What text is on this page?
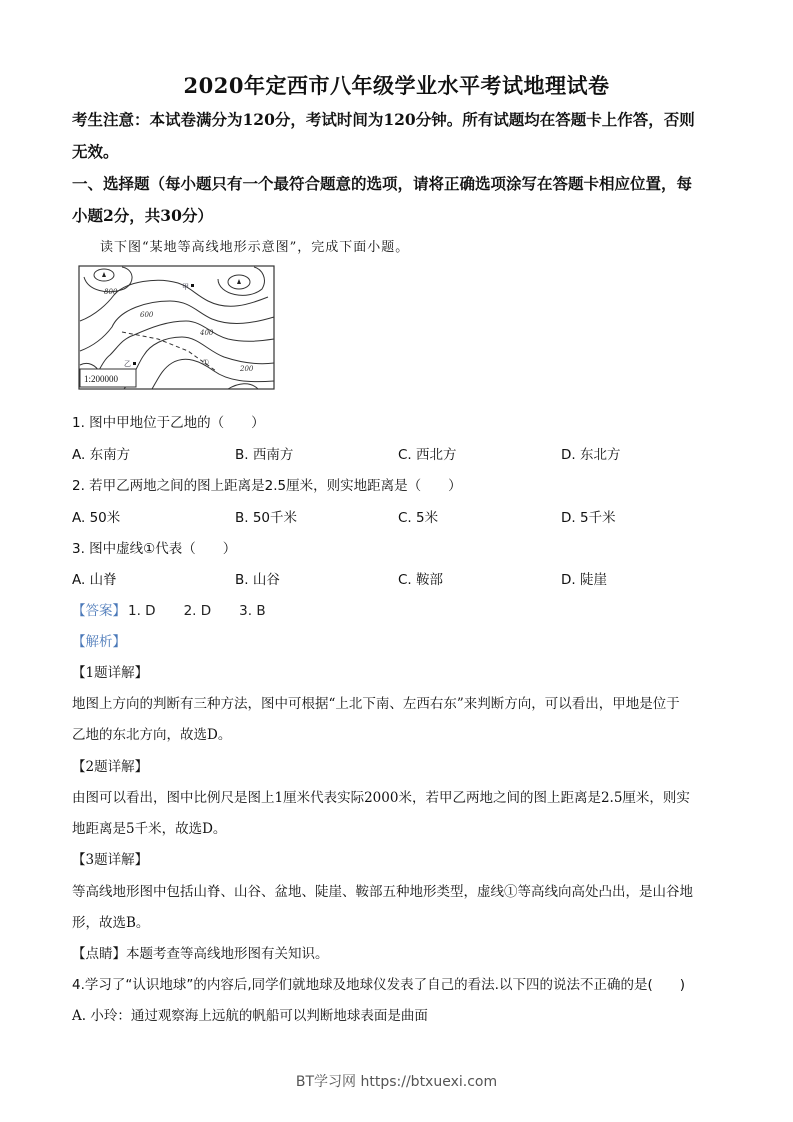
2020年定西市八年级学业水平考试地理试卷
考生注意：本试卷满分为120分，考试时间为120分钟。所有试题均在答题卡上作答，否则
无效。
一、选择题（每小题只有一个最符合题意的选项，请将正确选项涂写在答题卡相应位置，每
小题2分，共30分）
读下图“某地等高线地形示意图”，完成下面小题。
800
600
400
200
甲
乙	①
1:200000
1. 图中甲地位于乙地的（　　）
A. 东南方	B. 西南方	C. 西北方	D. 东北方
2. 若甲乙两地之间的图上距离是2.5厘米，则实地距离是（　　）
A. 50米	B. 50千米	C. 5米	D. 5千米
3. 图中虚线①代表（　　）
A. 山脊	B. 山谷	C. 鞍部	D. 陡崖
【答案】 1. D 2. D 3. B
【解析】
【1题详解】
地图上方向的判断有三种方法，图中可根据“上北下南、左西右东”来判断方向，可以看出，甲地是位于
乙地的东北方向，故选D。
【2题详解】
由图可以看出，图中比例尺是图上1厘米代表实际2000米，若甲乙两地之间的图上距离是2.5厘米，则实
地距离是5千米，故选D。
【3题详解】
等高线地形图中包括山脊、山谷、盆地、陡崖、鞍部五种地形类型，虚线①等高线向高处凸出，是山谷地
形，故选B。
【点睛】本题考查等高线地形图有关知识。
4.学习了“认识地球”的内容后,同学们就地球及地球仪发表了自己的看法.以下四的说法不正确的是(　　)
A. 小玲：通过观察海上远航的帆船可以判断地球表面是曲面
BT学习网 https://btxuexi.com
